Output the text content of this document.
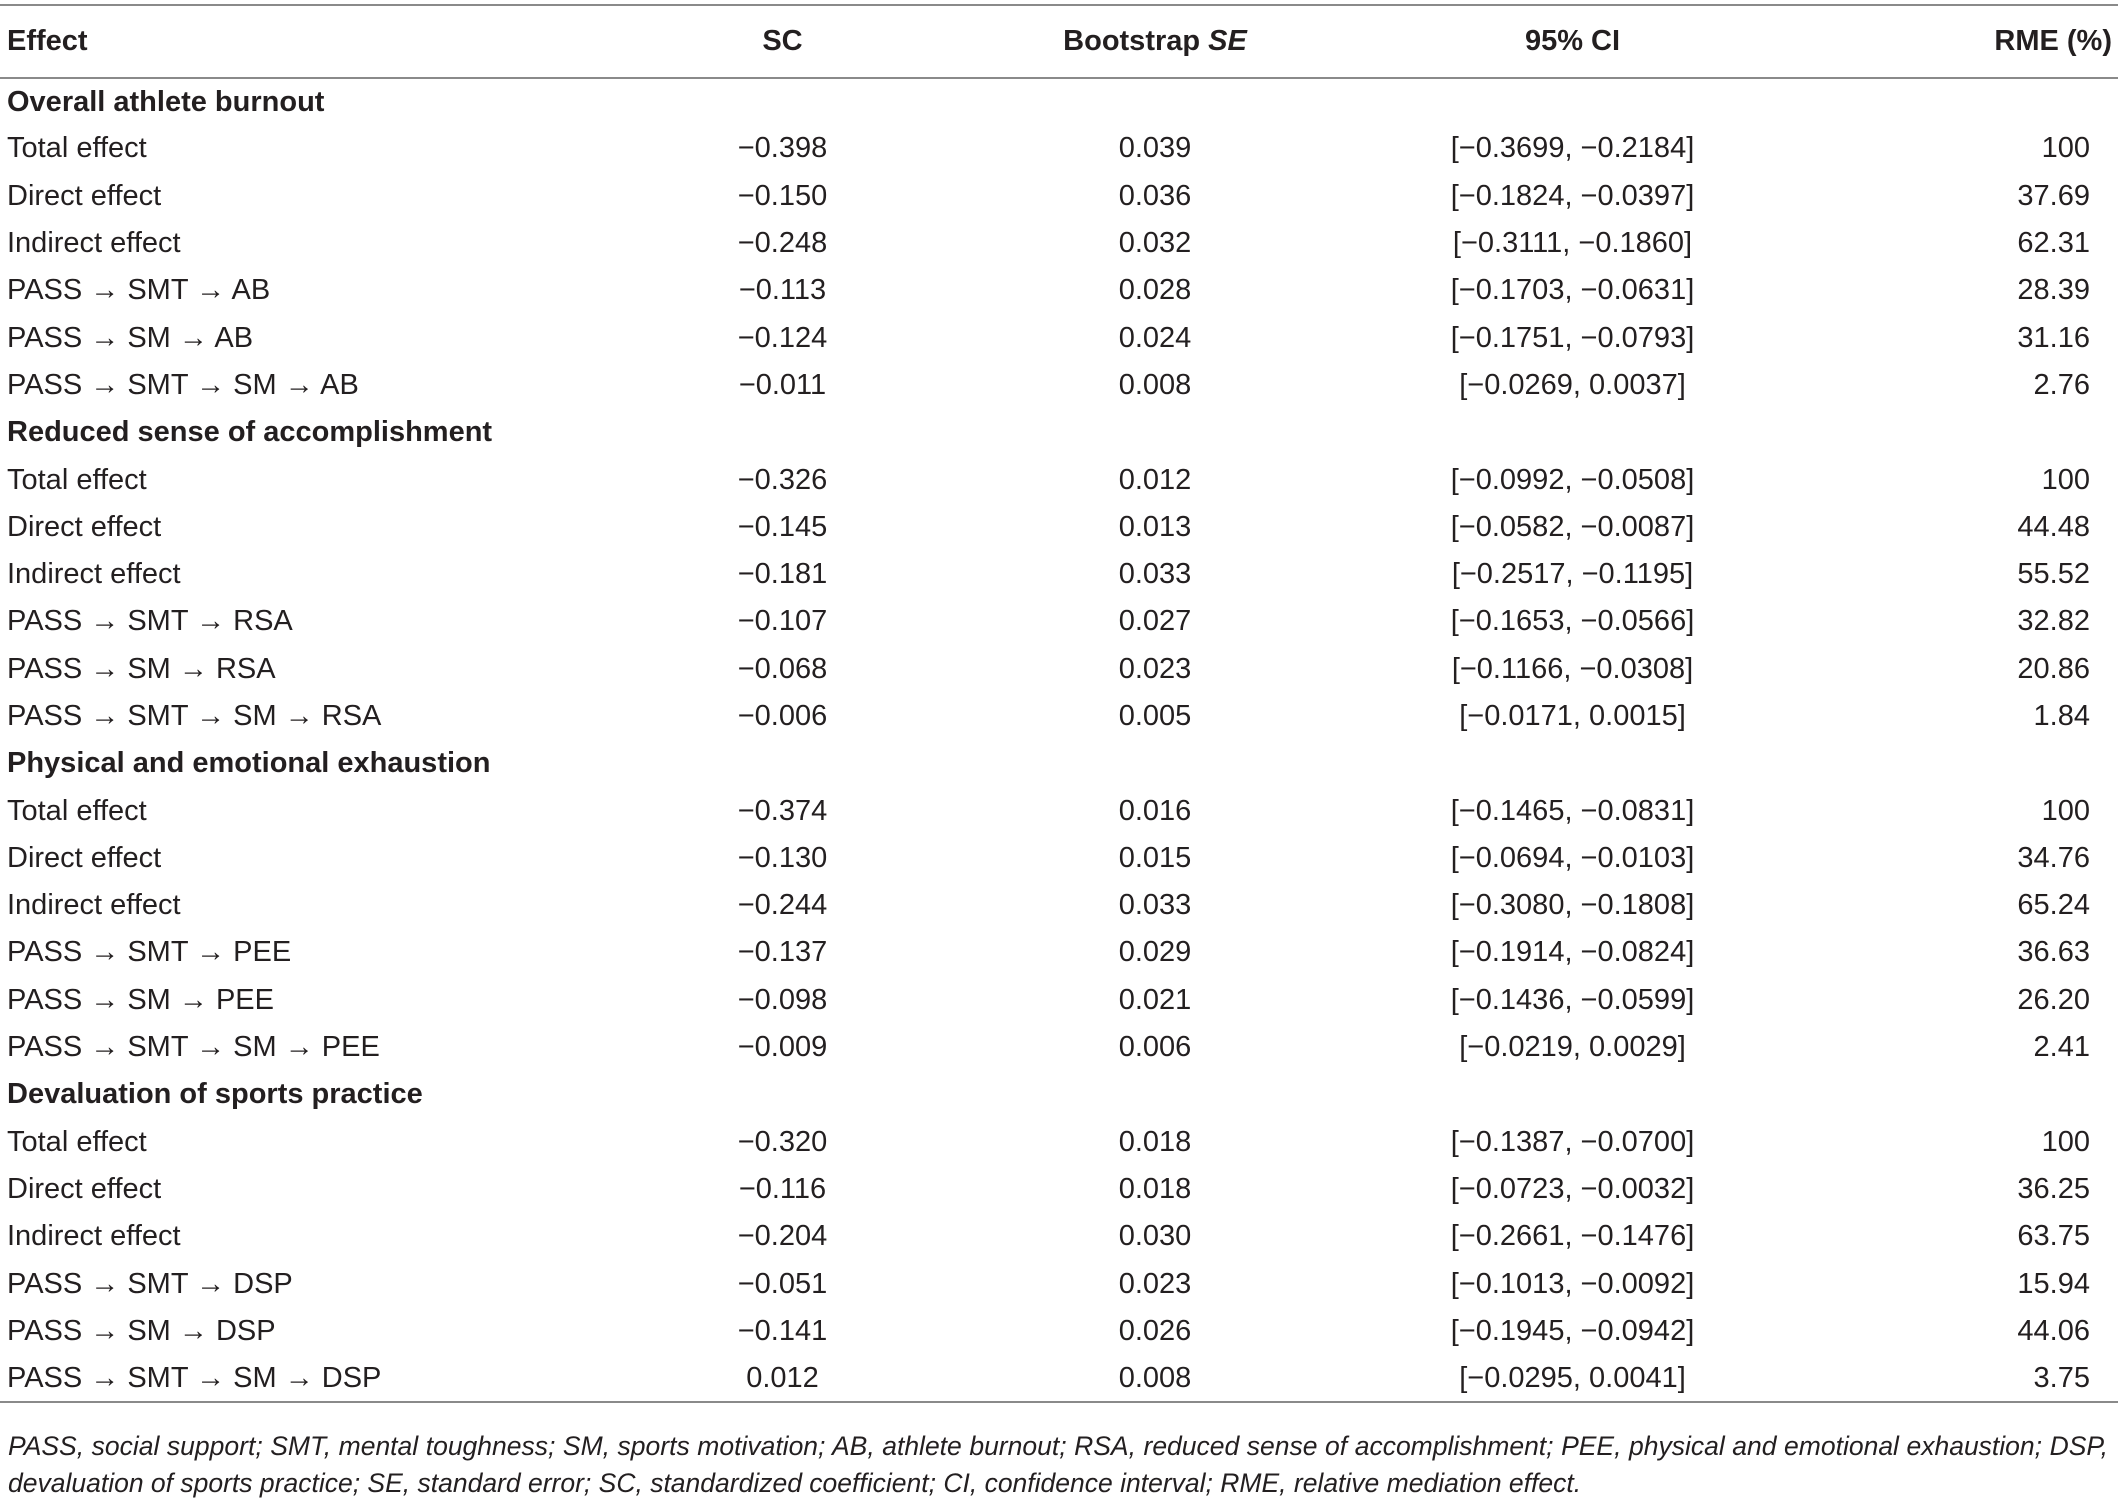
Effect	SC	Bootstrap SE	95% CI	RME (%)
Overall athlete burnout				
Total effect	−0.398	0.039	[−0.3699, −0.2184]	100
Direct effect	−0.150	0.036	[−0.1824, −0.0397]	37.69
Indirect effect	−0.248	0.032	[−0.3111, −0.1860]	62.31
PASS → SMT → AB	−0.113	0.028	[−0.1703, −0.0631]	28.39
PASS → SM → AB	−0.124	0.024	[−0.1751, −0.0793]	31.16
PASS → SMT → SM → AB	−0.011	0.008	[−0.0269, 0.0037]	2.76
Reduced sense of accomplishment				
Total effect	−0.326	0.012	[−0.0992, −0.0508]	100
Direct effect	−0.145	0.013	[−0.0582, −0.0087]	44.48
Indirect effect	−0.181	0.033	[−0.2517, −0.1195]	55.52
PASS → SMT → RSA	−0.107	0.027	[−0.1653, −0.0566]	32.82
PASS → SM → RSA	−0.068	0.023	[−0.1166, −0.0308]	20.86
PASS → SMT → SM → RSA	−0.006	0.005	[−0.0171, 0.0015]	1.84
Physical and emotional exhaustion				
Total effect	−0.374	0.016	[−0.1465, −0.0831]	100
Direct effect	−0.130	0.015	[−0.0694, −0.0103]	34.76
Indirect effect	−0.244	0.033	[−0.3080, −0.1808]	65.24
PASS → SMT → PEE	−0.137	0.029	[−0.1914, −0.0824]	36.63
PASS → SM → PEE	−0.098	0.021	[−0.1436, −0.0599]	26.20
PASS → SMT → SM → PEE	−0.009	0.006	[−0.0219, 0.0029]	2.41
Devaluation of sports practice				
Total effect	−0.320	0.018	[−0.1387, −0.0700]	100
Direct effect	−0.116	0.018	[−0.0723, −0.0032]	36.25
Indirect effect	−0.204	0.030	[−0.2661, −0.1476]	63.75
PASS → SMT → DSP	−0.051	0.023	[−0.1013, −0.0092]	15.94
PASS → SM → DSP	−0.141	0.026	[−0.1945, −0.0942]	44.06
PASS → SMT → SM → DSP	0.012	0.008	[−0.0295, 0.0041]	3.75
PASS, social support; SMT, mental toughness; SM, sports motivation; AB, athlete burnout; RSA, reduced sense of accomplishment; PEE, physical and emotional exhaustion; DSP, devaluation of sports practice; SE, standard error; SC, standardized coefficient; CI, confidence interval; RME, relative mediation effect.
